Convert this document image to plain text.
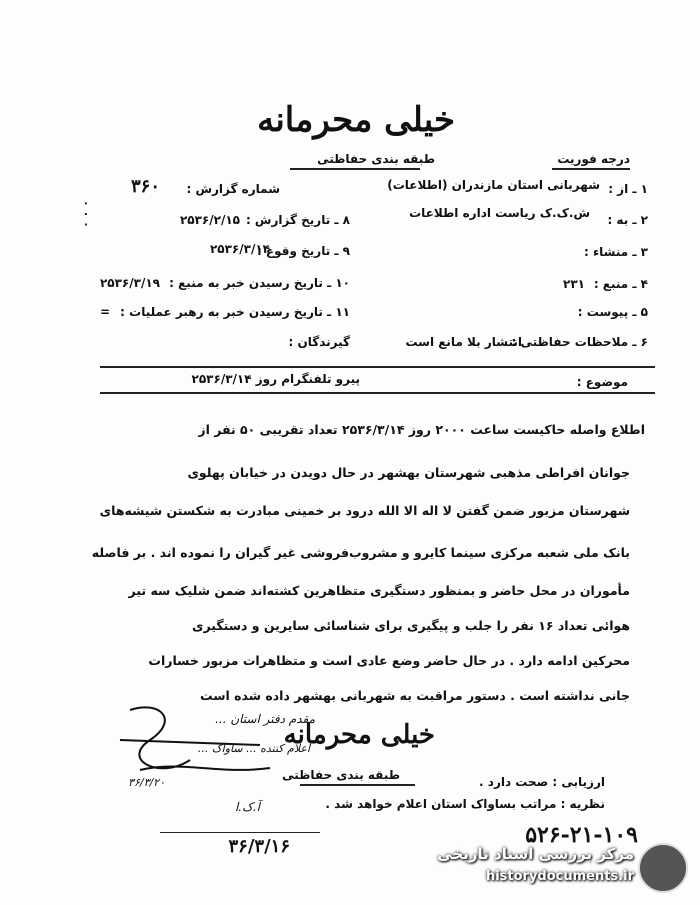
خیلی محرمانه
طبقه بندی حفاظتی	درجه فوریت
۱ ـ از :
شهربانی استان مازندران (اطلاعات)
۲ ـ به :
ش.ک.ک ریاست اداره اطلاعات
۳ ـ منشاء :
۴ ـ منبع :
۲۳۱
۵ ـ پیوست :
۶ ـ ملاحظات حفاظتی :
انتشار بلا مانع است
شماره گزارش :
۳۶۰
۸ ـ تاریخ گزارش :
۲۵۳۶/۲/۱۵
۹ ـ تاریخ وقوع :
۲۵۳۶/۳/۱۴
۱۰ ـ تاریخ رسیدن خبر به منبع :
۲۵۳۶/۳/۱۹
۱۱ ـ تاریخ رسیدن خبر به رهبر عملیات :
=
گیرندگان :
موضوع :
پیرو تلفنگرام روز ۲۵۳۶/۳/۱۴
اطلاع واصله حاکیست ساعت ۲۰۰۰ روز ۲۵۳۶/۳/۱۴ تعداد تقریبی ۵۰ نفر از
جوانان افراطی مذهبی شهرستان بهشهر در حال دویدن در خیابان پهلوی
شهرستان مزبور ضمن گفتن لا اله الا الله درود بر خمینی مبادرت به شکستن شیشه‌های
بانک ملی شعبه مرکزی سینما کایرو و مشروب‌فروشی غیر گیران را نموده اند . بر فاصله
مأموران در محل حاضر و بمنظور دستگیری متظاهرین کشته‌اند ضمن شلیک سه تیر
هوائی تعداد ۱۶ نفر را جلب و پیگیری برای شناسائی سایرین و دستگیری
محرکین ادامه دارد . در حال حاضر وضع عادی است و متظاهرات مزبور خسارات
جانی نداشته است . دستور مراقبت به شهربانی بهشهر داده شده است
مقدم دفتر استان ...
اعلام کننده ... ساواک ...
۳۶/۳/۲۰
خیلی محرمانه
طبقه بندی حفاظتی	ارزیابی : صحت دارد .
نظریه : مراتب بساواک استان اعلام خواهد شد .
آ.ک.ا
۳۶/۳/۱۶	۵۲۶-۲۱-۱۰۹
۰ ۰ ۰
مرکز بررسی اسناد تاریخی
historydocuments.ir
